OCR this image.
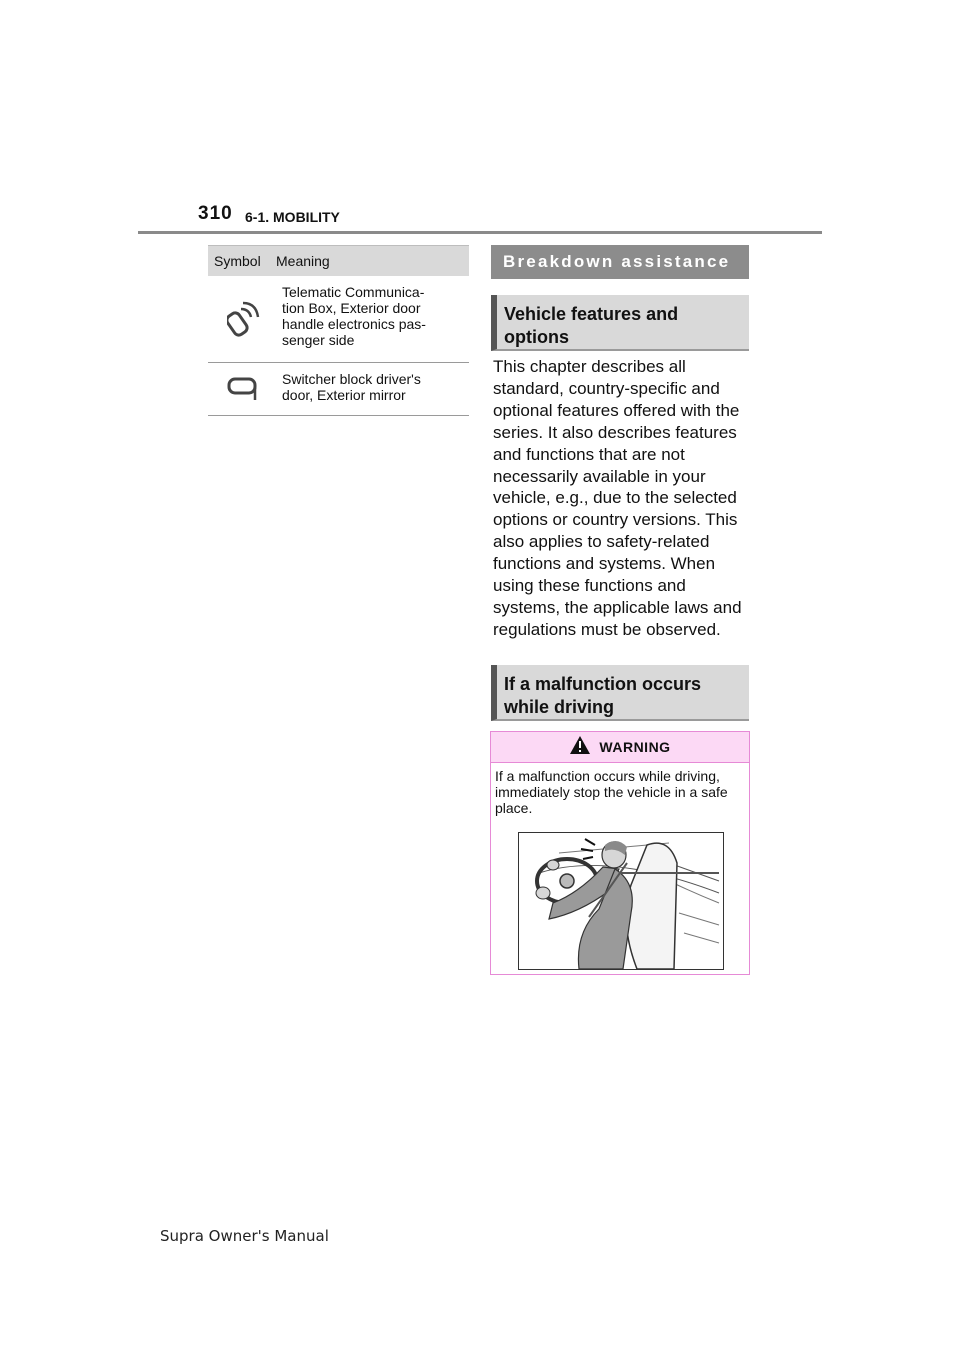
310 6-1. MOBILITY
Symbol	Meaning
Telematic Communica-
tion Box, Exterior door
handle electronics pas-
senger side
Switcher block driver's
door, Exterior mirror
Breakdown assistance
Vehicle features and options
This chapter describes all standard, country-specific and optional features offered with the series. It also describes features and functions that are not necessarily available in your vehicle, e.g., due to the selected options or country versions. This also applies to safety-related functions and systems. When using these functions and systems, the applicable laws and regulations must be observed.
If a malfunction occurs while driving
WARNING
If a malfunction occurs while driving, immediately stop the vehicle in a safe place.
Supra Owner's Manual
